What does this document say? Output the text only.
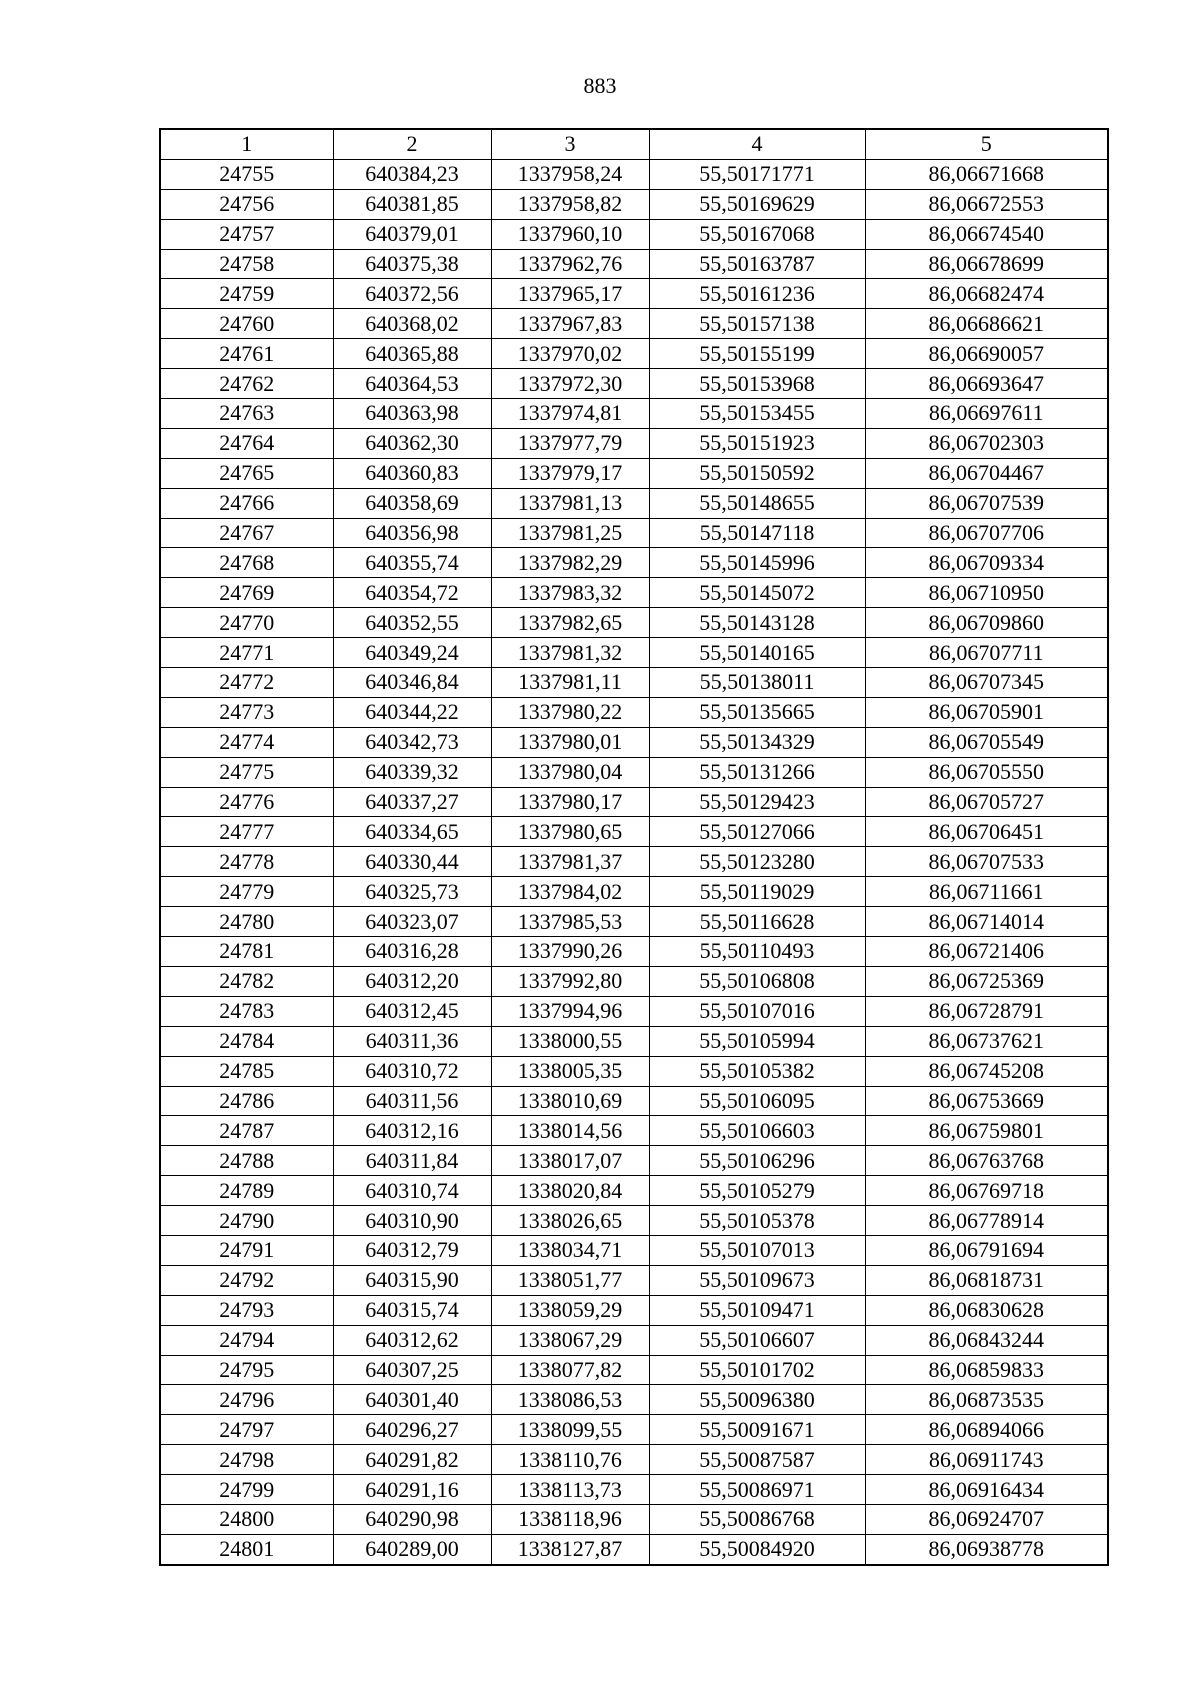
883
1	2	3	4	5
24755	640384,23	1337958,24	55,50171771	86,06671668
24756	640381,85	1337958,82	55,50169629	86,06672553
24757	640379,01	1337960,10	55,50167068	86,06674540
24758	640375,38	1337962,76	55,50163787	86,06678699
24759	640372,56	1337965,17	55,50161236	86,06682474
24760	640368,02	1337967,83	55,50157138	86,06686621
24761	640365,88	1337970,02	55,50155199	86,06690057
24762	640364,53	1337972,30	55,50153968	86,06693647
24763	640363,98	1337974,81	55,50153455	86,06697611
24764	640362,30	1337977,79	55,50151923	86,06702303
24765	640360,83	1337979,17	55,50150592	86,06704467
24766	640358,69	1337981,13	55,50148655	86,06707539
24767	640356,98	1337981,25	55,50147118	86,06707706
24768	640355,74	1337982,29	55,50145996	86,06709334
24769	640354,72	1337983,32	55,50145072	86,06710950
24770	640352,55	1337982,65	55,50143128	86,06709860
24771	640349,24	1337981,32	55,50140165	86,06707711
24772	640346,84	1337981,11	55,50138011	86,06707345
24773	640344,22	1337980,22	55,50135665	86,06705901
24774	640342,73	1337980,01	55,50134329	86,06705549
24775	640339,32	1337980,04	55,50131266	86,06705550
24776	640337,27	1337980,17	55,50129423	86,06705727
24777	640334,65	1337980,65	55,50127066	86,06706451
24778	640330,44	1337981,37	55,50123280	86,06707533
24779	640325,73	1337984,02	55,50119029	86,06711661
24780	640323,07	1337985,53	55,50116628	86,06714014
24781	640316,28	1337990,26	55,50110493	86,06721406
24782	640312,20	1337992,80	55,50106808	86,06725369
24783	640312,45	1337994,96	55,50107016	86,06728791
24784	640311,36	1338000,55	55,50105994	86,06737621
24785	640310,72	1338005,35	55,50105382	86,06745208
24786	640311,56	1338010,69	55,50106095	86,06753669
24787	640312,16	1338014,56	55,50106603	86,06759801
24788	640311,84	1338017,07	55,50106296	86,06763768
24789	640310,74	1338020,84	55,50105279	86,06769718
24790	640310,90	1338026,65	55,50105378	86,06778914
24791	640312,79	1338034,71	55,50107013	86,06791694
24792	640315,90	1338051,77	55,50109673	86,06818731
24793	640315,74	1338059,29	55,50109471	86,06830628
24794	640312,62	1338067,29	55,50106607	86,06843244
24795	640307,25	1338077,82	55,50101702	86,06859833
24796	640301,40	1338086,53	55,50096380	86,06873535
24797	640296,27	1338099,55	55,50091671	86,06894066
24798	640291,82	1338110,76	55,50087587	86,06911743
24799	640291,16	1338113,73	55,50086971	86,06916434
24800	640290,98	1338118,96	55,50086768	86,06924707
24801	640289,00	1338127,87	55,50084920	86,06938778
